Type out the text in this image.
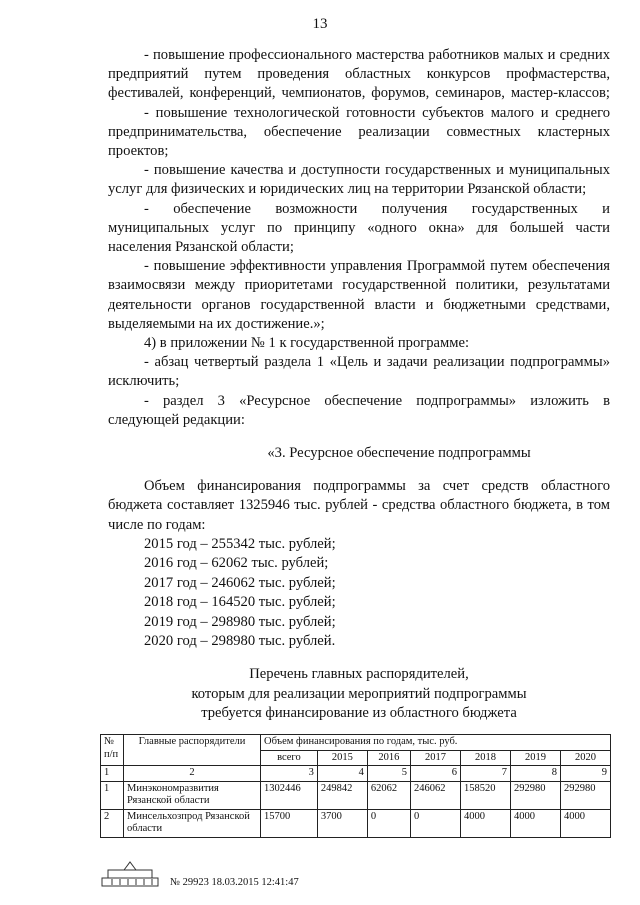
13

- повышение профессионального мастерства работников малых и средних предприятий путем проведения областных конкурсов профмастерства, фестивалей, конференций, чемпионатов, форумов, семинаров, мастер-классов;

- повышение технологической готовности субъектов малого и среднего предпринимательства, обеспечение реализации совместных кластерных проектов;

- повышение качества и доступности государственных и муниципальных услуг для физических и юридических лиц на территории Рязанской области;

- обеспечение возможности получения государственных и муниципальных услуг по принципу «одного окна» для большей части населения Рязанской области;

- повышение эффективности управления Программой путем обеспечения взаимосвязи между приоритетами государственной политики, результатами деятельности органов государственной власти и бюджетными средствами, выделяемыми на их достижение.»;

4) в приложении № 1 к государственной программе:

- абзац четвертый раздела 1 «Цель и задачи реализации подпрограммы» исключить;

- раздел 3 «Ресурсное обеспечение подпрограммы» изложить в следующей редакции:

«3. Ресурсное обеспечение подпрограммы

Объем финансирования подпрограммы за счет средств областного бюджета составляет 1325946 тыс. рублей - средства областного бюджета, в том числе по годам:

2015 год – 255342 тыс. рублей;
2016 год – 62062 тыс. рублей;
2017 год – 246062 тыс. рублей;
2018 год – 164520 тыс. рублей;
2019 год – 298980 тыс. рублей;
2020 год – 298980 тыс. рублей.
Перечень главных распорядителей,
которым для реализации мероприятий подпрограммы
требуется финансирование из областного бюджета
№ п/п	Главные распорядители	Объем финансирования по годам, тыс. руб.						
		всего	2015	2016	2017	2018	2019	2020
1	2	3	4	5	6	7	8	9
1	Минэкономразвития Рязанской области	1302446	249842	62062	246062	158520	292980	292980
2	Минсельхозпрод Рязанской области	15700	3700	0	0	4000	4000	4000
№ 29923 18.03.2015 12:41:47
